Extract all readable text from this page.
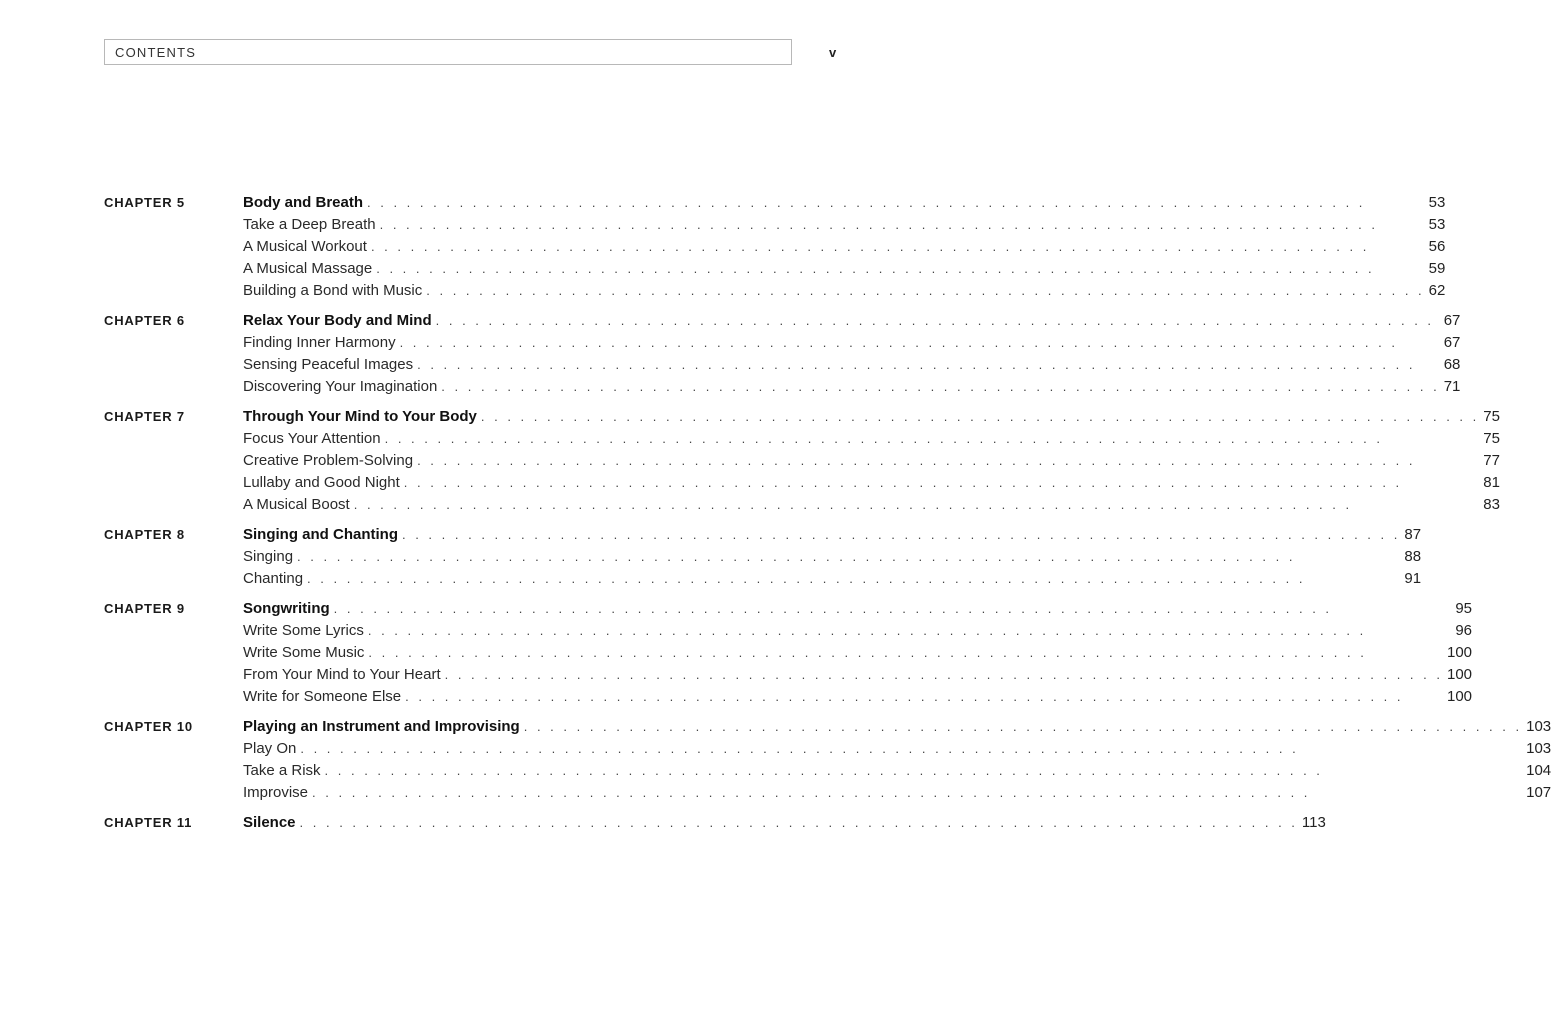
CONTENTS	v
CHAPTER 5	Body and Breath . . .	53
Take a Deep Breath . . .	53
A Musical Workout . . .	56
A Musical Massage . . .	59
Building a Bond with Music . . .	62
CHAPTER 6	Relax Your Body and Mind . . .	67
Finding Inner Harmony . . .	67
Sensing Peaceful Images . . .	68
Discovering Your Imagination . . .	71
CHAPTER 7	Through Your Mind to Your Body . . .	75
Focus Your Attention . . .	75
Creative Problem-Solving . . .	77
Lullaby and Good Night . . .	81
A Musical Boost . . .	83
CHAPTER 8	Singing and Chanting . . .	87
Singing . . .	88
Chanting . . .	91
CHAPTER 9	Songwriting . . .	95
Write Some Lyrics . . .	96
Write Some Music . . .	100
From Your Mind to Your Heart . . .	100
Write for Someone Else . . .	100
CHAPTER 10	Playing an Instrument and Improvising . . .	103
Play On . . .	103
Take a Risk . . .	104
Improvise . . .	107
CHAPTER 11	Silence . . .	113
